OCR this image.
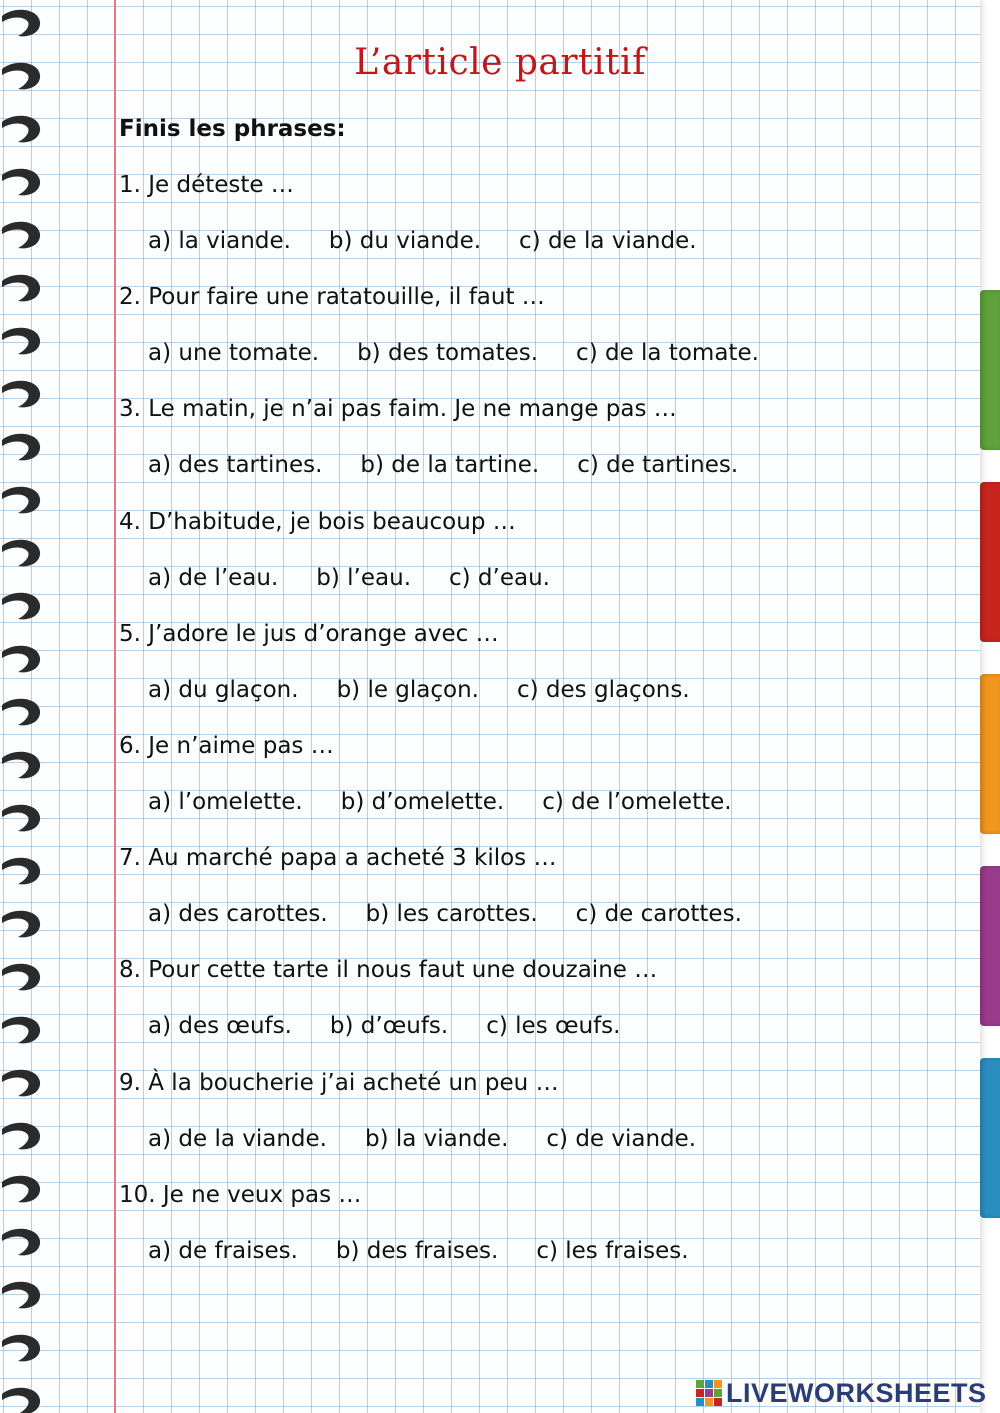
L’article partitif
Finis les phrases:
1. Je déteste …
a) la viande. b) du viande. c) de la viande.
2. Pour faire une ratatouille, il faut …
a) une tomate. b) des tomates. c) de la tomate.
3. Le matin, je n’ai pas faim. Je ne mange pas …
a) des tartines. b) de la tartine. c) de tartines.
4. D’habitude, je bois beaucoup …
a) de l’eau. b) l’eau. c) d’eau.
5. J’adore le jus d’orange avec …
a) du glaçon. b) le glaçon. c) des glaçons.
6. Je n’aime pas …
a) l’omelette. b) d’omelette. c) de l’omelette.
7. Au marché papa a acheté 3 kilos …
a) des carottes. b) les carottes. c) de carottes.
8. Pour cette tarte il nous faut une douzaine …
a) des œufs. b) d’œufs. c) les œufs.
9. À la boucherie j’ai acheté un peu …
a) de la viande. b) la viande. c) de viande.
10. Je ne veux pas …
a) de fraises. b) des fraises. c) les fraises.
LIVEWORKSHEETS
